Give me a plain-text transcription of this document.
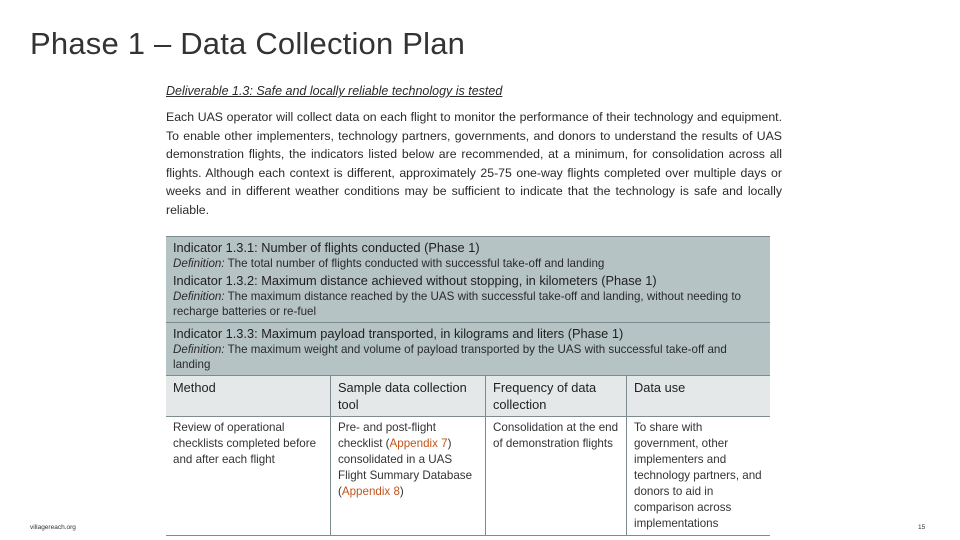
Phase 1 – Data Collection Plan

Deliverable 1.3: Safe and locally reliable technology is tested

Each UAS operator will collect data on each flight to monitor the performance of their technology and equipment. To enable other implementers, technology partners, governments, and donors to understand the results of UAS demonstration flights, the indicators listed below are recommended, at a minimum, for consolidation across all flights. Although each context is different, approximately 25-75 one-way flights completed over multiple days or weeks and in different weather conditions may be sufficient to indicate that the technology is safe and locally reliable.

Indicator 1.3.1: Number of flights conducted (Phase 1)
Definition: The total number of flights conducted with successful take-off and landing
Indicator 1.3.2: Maximum distance achieved without stopping, in kilometers (Phase 1)
Definition: The maximum distance reached by the UAS with successful take-off and landing, without needing to recharge batteries or re-fuel
Indicator 1.3.3: Maximum payload transported, in kilograms and liters (Phase 1)
Definition: The maximum weight and volume of payload transported by the UAS with successful take-off and landing
Method	Sample data collection tool
Frequency of data collection
Data use
Review of operational checklists completed before and after each flight
Pre- and post-flight checklist (Appendix 7) consolidated in a UAS Flight Summary Database (Appendix 8)
Consolidation at the end of demonstration flights
To share with government, other implementers and technology partners, and donors to aid in comparison across implementations
villagereach.org	15
